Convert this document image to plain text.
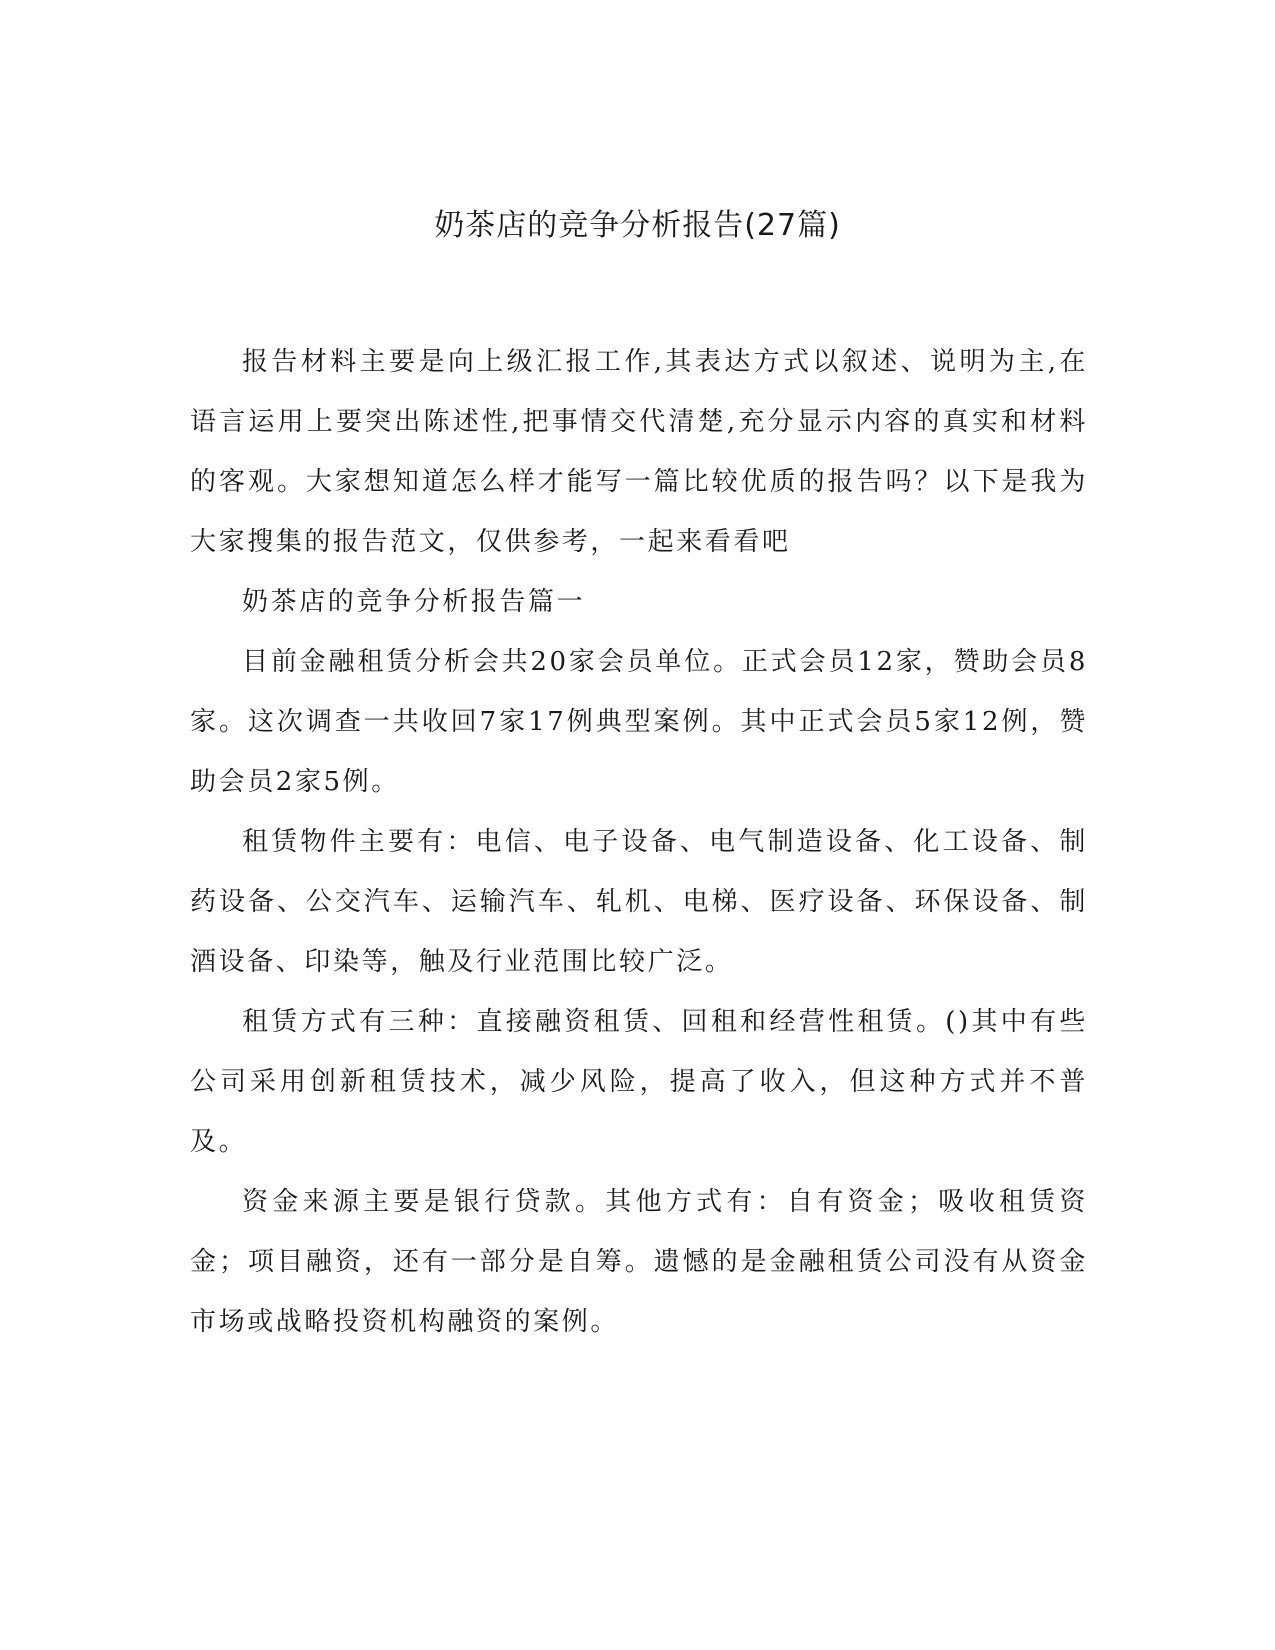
奶茶店的竞争分析报告(27篇)

报告材料主要是向上级汇报工作,其表达方式以叙述、说明为主,在语言运用上要突出陈述性,把事情交代清楚,充分显示内容的真实和材料的客观。大家想知道怎么样才能写一篇比较优质的报告吗？以下是我为大家搜集的报告范文，仅供参考，一起来看看吧

奶茶店的竞争分析报告篇一

目前金融租赁分析会共20家会员单位。正式会员12家，赞助会员8家。这次调查一共收回7家17例典型案例。其中正式会员5家12例，赞助会员2家5例。

租赁物件主要有：电信、电子设备、电气制造设备、化工设备、制药设备、公交汽车、运输汽车、轧机、电梯、医疗设备、环保设备、制酒设备、印染等，触及行业范围比较广泛。

租赁方式有三种：直接融资租赁、回租和经营性租赁。()其中有些公司采用创新租赁技术，减少风险，提高了收入，但这种方式并不普及。

资金来源主要是银行贷款。其他方式有：自有资金；吸收租赁资金；项目融资，还有一部分是自筹。遗憾的是金融租赁公司没有从资金市场或战略投资机构融资的案例。
